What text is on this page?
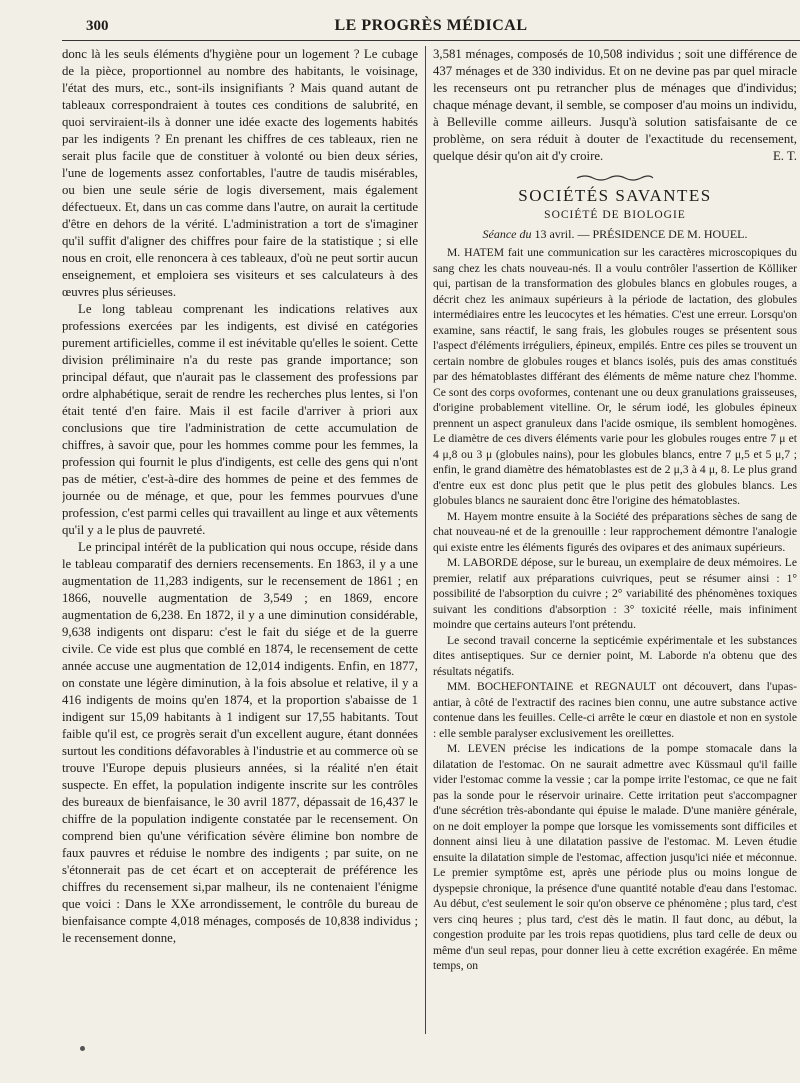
300	LE PROGRÈS MÉDICAL

donc là les seuls éléments d'hygiène pour un logement ? Le cubage de la pièce, proportionnel au nombre des habitants, le voisinage, l'état des murs, etc., sont-ils insignifiants ? Mais quand autant de tableaux correspondraient à toutes ces conditions de salubrité, en quoi serviraient-ils à donner une idée exacte des logements habités par les indigents ? En prenant les chiffres de ces tableaux, rien ne serait plus facile que de constituer à volonté ou bien deux séries, l'une de logements assez confortables, l'autre de taudis misérables, ou bien une seule série de logis diversement, mais également défectueux. Et, dans un cas comme dans l'autre, on aurait la certitude d'être en dehors de la vérité. L'administration a tort de s'imaginer qu'il suffit d'aligner des chiffres pour faire de la statistique ; si elle nous en croit, elle renoncera à ces tableaux, d'où ne peut sortir aucun enseignement, et emploiera ses visiteurs et ses calculateurs à des œuvres plus sérieuses.

Le long tableau comprenant les indications relatives aux professions exercées par les indigents, est divisé en catégories purement artificielles, comme il est inévitable qu'elles le soient. Cette division préliminaire n'a du reste pas grande importance; son principal défaut, que n'aurait pas le classement des professions par ordre alphabétique, serait de rendre les recherches plus lentes, si l'on était tenté d'en faire. Mais il est facile d'arriver à priori aux conclusions que tire l'administration de cette accumulation de chiffres, à savoir que, pour les hommes comme pour les femmes, la profession qui fournit le plus d'indigents, est celle des gens qui n'ont pas de métier, c'est-à-dire des hommes de peine et des femmes de journée ou de ménage, et que, pour les femmes pourvues d'une profession, c'est parmi celles qui travaillent au linge et aux vêtements qu'il y a le plus de pauvreté.

Le principal intérêt de la publication qui nous occupe, réside dans le tableau comparatif des derniers recensements. En 1863, il y a une augmentation de 11,283 indigents, sur le recensement de 1861 ; en 1866, nouvelle augmentation de 3,549 ; en 1869, encore augmentation de 6,238. En 1872, il y a une diminution considérable, 9,638 indigents ont disparu: c'est le fait du siége et de la guerre civile. Ce vide est plus que comblé en 1874, le recensement de cette année accuse une augmentation de 12,014 indigents. Enfin, en 1877, on constate une légère diminution, à la fois absolue et relative, il y a 416 indigents de moins qu'en 1874, et la proportion s'abaisse de 1 indigent sur 15,09 habitants à 1 indigent sur 17,55 habitants. Tout faible qu'il est, ce progrès serait d'un excellent augure, étant données surtout les conditions défavorables à l'industrie et au commerce où se trouve l'Europe depuis plusieurs années, si la réalité n'en était suspecte. En effet, la population indigente inscrite sur les contrôles des bureaux de bienfaisance, le 30 avril 1877, dépassait de 16,437 le chiffre de la population indigente constatée par le recensement. On comprend bien qu'une vérification sévère élimine bon nombre de faux pauvres et réduise le nombre des indigents ; par suite, on ne s'étonnerait pas de cet écart et on accepterait de préférence les chiffres du recensement si,par malheur, ils ne contenaient l'énigme que voici : Dans le XXe arrondissement, le contrôle du bureau de bienfaisance compte 4,018 ménages, composés de 10,838 individus ; le recensement donne,

3,581 ménages, composés de 10,508 individus ; soit une différence de 437 ménages et de 330 individus. Et on ne devine pas par quel miracle les recenseurs ont pu retrancher plus de ménages que d'individus; chaque ménage devant, il semble, se composer d'au moins un individu, à Belleville comme ailleurs. Jusqu'à solution satisfaisante de ce problème, on sera réduit à douter de l'exactitude du recensement, quelque désir qu'on ait d'y croire.	E. T.

SOCIÉTÉS SAVANTES
SOCIÉTÉ DE BIOLOGIE
Séance du 13 avril. — PRÉSIDENCE DE M. HOUEL.

M. HATEM fait une communication sur les caractères microscopiques du sang chez les chats nouveau-nés. Il a voulu contrôler l'assertion de Kölliker qui, partisan de la transformation des globules blancs en globules rouges, a décrit chez les animaux supérieurs à la période de lactation, des globules intermédiaires entre les leucocytes et les hématies. C'est une erreur. Lorsqu'on examine, sans réactif, le sang frais, les globules rouges se présentent sous l'aspect d'éléments irréguliers, épineux, empilés. Entre ces piles se trouvent un certain nombre de globules rouges et blancs isolés, puis des amas constitués par des hématoblastes différant des éléments de même nature chez l'homme. Ce sont des corps ovoformes, contenant une ou deux granulations graisseuses, d'origine probablement vitelline. Or, le sérum iodé, les globules épineux prennent un aspect granuleux dans l'acide osmique, ils semblent homogènes. Le diamètre de ces divers éléments varie pour les globules rouges entre 7 μ et 4 μ,8 ou 3 μ (globules nains), pour les globules blancs, entre 7 μ,5 et 5 μ,7 ; enfin, le grand diamètre des hématoblastes est de 2 μ,3 à 4 μ, 8. Le plus grand d'entre eux est donc plus petit que le plus petit des globules blancs. Les globules blancs ne sauraient donc être l'origine des hématoblastes.

M. Hayem montre ensuite à la Société des préparations sèches de sang de chat nouveau-né et de la grenouille : leur rapprochement démontre l'analogie qui existe entre les éléments figurés des ovipares et des animaux supérieurs.

M. LABORDE dépose, sur le bureau, un exemplaire de deux mémoires. Le premier, relatif aux préparations cuivriques, peut se résumer ainsi : 1° possibilité de l'absorption du cuivre ; 2° variabilité des phénomènes toxiques suivant les conditions d'absorption : 3° toxicité réelle, mais infiniment moindre que certains auteurs l'ont prétendu.

Le second travail concerne la septicémie expérimentale et les substances dites antiseptiques. Sur ce dernier point, M. Laborde n'a obtenu que des résultats négatifs.

MM. BOCHEFONTAINE et REGNAULT ont découvert, dans l'upas-antiar, à côté de l'extractif des racines bien connu, une autre substance active contenue dans les feuilles. Celle-ci arrête le cœur en diastole et non en systole : elle semble paralyser exclusivement les oreillettes.

M. LEVEN précise les indications de la pompe stomacale dans la dilatation de l'estomac. On ne saurait admettre avec Küssmaul qu'il faille vider l'estomac comme la vessie ; car la pompe irrite l'estomac, ce que ne fait pas la sonde pour le réservoir urinaire. Cette irritation peut s'accompagner d'une sécrétion très-abondante qui épuise le malade. D'une manière générale, on ne doit employer la pompe que lorsque les vomissements sont difficiles et donnent ainsi lieu à une dilatation passive de l'estomac. M. Leven étudie ensuite la dilatation simple de l'estomac, affection jusqu'ici niée et méconnue. Le premier symptôme est, après une période plus ou moins longue de dyspepsie chronique, la présence d'une quantité notable d'eau dans l'estomac. Au début, c'est seulement le soir qu'on observe ce phénomène ; plus tard, c'est vers cinq heures ; plus tard, c'est dès le matin. Il faut donc, au début, la congestion produite par les trois repas quotidiens, plus tard celle de deux ou même d'un seul repas, pour donner lieu à cette excrétion exagérée. En même temps, on
